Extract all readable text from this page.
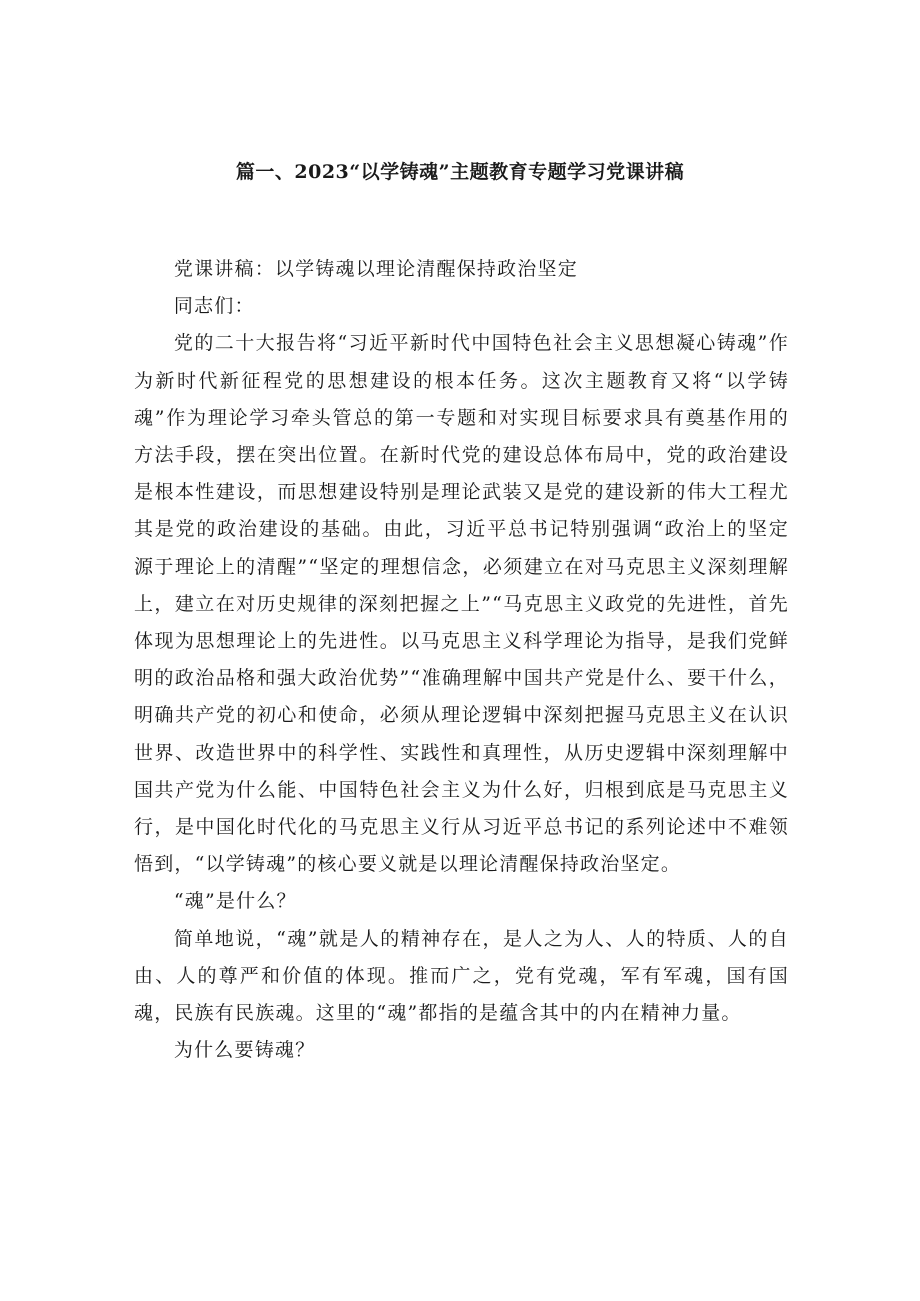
篇一、2023“以学铸魂”主题教育专题学习党课讲稿

党课讲稿：以学铸魂以理论清醒保持政治坚定

同志们：

党的二十大报告将“习近平新时代中国特色社会主义思想凝心铸魂”作为新时代新征程党的思想建设的根本任务。这次主题教育又将“以学铸魂”作为理论学习牵头管总的第一专题和对实现目标要求具有奠基作用的方法手段，摆在突出位置。在新时代党的建设总体布局中，党的政治建设是根本性建设，而思想建设特别是理论武装又是党的建设新的伟大工程尤其是党的政治建设的基础。由此，习近平总书记特别强调“政治上的坚定源于理论上的清醒”“坚定的理想信念，必须建立在对马克思主义深刻理解上，建立在对历史规律的深刻把握之上”“马克思主义政党的先进性，首先体现为思想理论上的先进性。以马克思主义科学理论为指导，是我们党鲜明的政治品格和强大政治优势”“准确理解中国共产党是什么、要干什么，明确共产党的初心和使命，必须从理论逻辑中深刻把握马克思主义在认识世界、改造世界中的科学性、实践性和真理性，从历史逻辑中深刻理解中国共产党为什么能、中国特色社会主义为什么好，归根到底是马克思主义行，是中国化时代化的马克思主义行从习近平总书记的系列论述中不难领悟到，“以学铸魂”的核心要义就是以理论清醒保持政治坚定。

“魂”是什么？

简单地说，“魂”就是人的精神存在，是人之为人、人的特质、人的自由、人的尊严和价值的体现。推而广之，党有党魂，军有军魂，国有国魂，民族有民族魂。这里的“魂”都指的是蕴含其中的内在精神力量。

为什么要铸魂？
